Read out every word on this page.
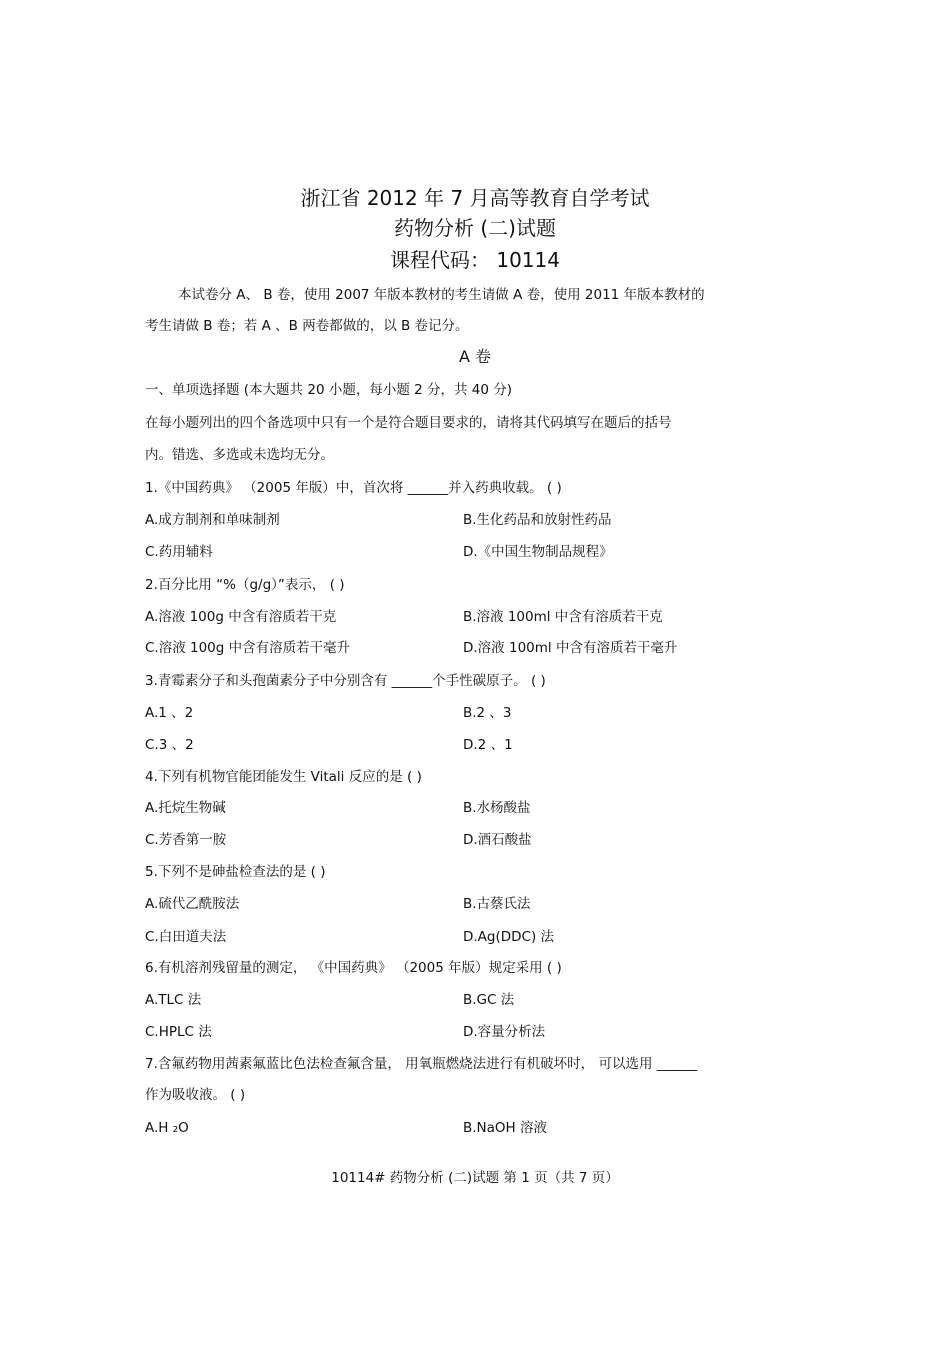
浙江省 2012 年 7 月高等教育自学考试
药物分析 (二)试题
课程代码： 10114
本试卷分 A、 B 卷，使用 2007 年版本教材的考生请做 A 卷，使用 2011 年版本教材的
考生请做 B 卷；若 A 、B 两卷都做的，以 B 卷记分。
A 卷
一、单项选择题 (本大题共 20 小题，每小题 2 分，共 40 分)
在每小题列出的四个备选项中只有一个是符合题目要求的，请将其代码填写在题后的括号
内。错选、多选或未选均无分。
1.《中国药典》 （2005 年版）中，首次将 ______并入药典收载。 ( )
A.成方制剂和单味制剂	B.生化药品和放射性药品
C.药用辅料	D.《中国生物制品规程》
2.百分比用 “%（g/g）”表示， ( )
A.溶液 100g 中含有溶质若干克	B.溶液 100ml 中含有溶质若干克
C.溶液 100g 中含有溶质若干毫升	D.溶液 100ml 中含有溶质若干毫升
3.青霉素分子和头孢菌素分子中分别含有 ______个手性碳原子。 ( )
A.1 、2	B.2 、3
C.3 、2	D.2 、1
4.下列有机物官能团能发生 Vitali 反应的是 ( )
A.托烷生物碱	B.水杨酸盐
C.芳香第一胺	D.酒石酸盐
5.下列不是砷盐检查法的是 ( )
A.硫代乙酰胺法	B.古蔡氏法
C.白田道夫法	D.Ag(DDC) 法
6.有机溶剂残留量的测定， 《中国药典》 （2005 年版）规定采用 ( )
A.TLC 法	B.GC 法
C.HPLC 法	D.容量分析法
7.含氟药物用茜素氟蓝比色法检查氟含量， 用氧瓶燃烧法进行有机破坏时， 可以选用 ______
作为吸收液。 ( )
A.H ₂O	B.NaOH 溶液
10114# 药物分析 (二)试题 第 1 页（共 7 页）
